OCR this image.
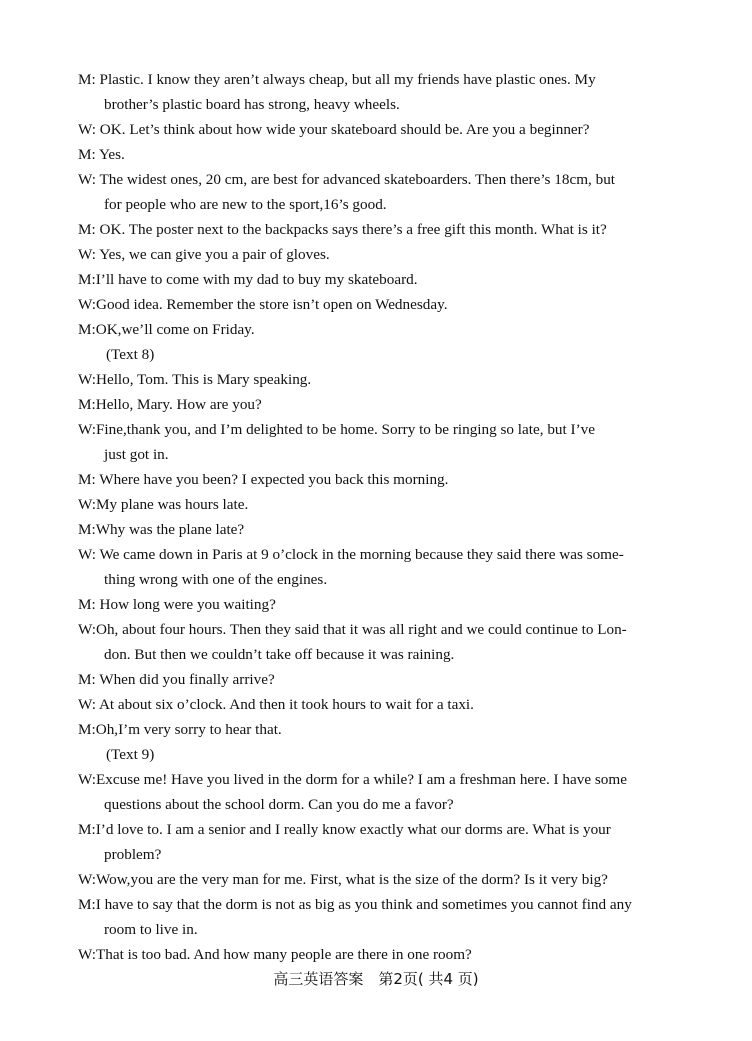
M: Plastic. I know they aren’t always cheap, but all my friends have plastic ones. My
brother’s plastic board has strong, heavy wheels.
W: OK. Let’s think about how wide your skateboard should be. Are you a beginner?
M: Yes.
W: The widest ones, 20 cm, are best for advanced skateboarders. Then there’s 18cm, but
for people who are new to the sport,16’s good.
M: OK. The poster next to the backpacks says there’s a free gift this month. What is it?
W: Yes, we can give you a pair of gloves.
M:I’ll have to come with my dad to buy my skateboard.
W:Good idea. Remember the store isn’t open on Wednesday.
M:OK,we’ll come on Friday.
(Text 8)
W:Hello, Tom. This is Mary speaking.
M:Hello, Mary. How are you?
W:Fine,thank you, and I’m delighted to be home. Sorry to be ringing so late, but I’ve
just got in.
M: Where have you been? I expected you back this morning.
W:My plane was hours late.
M:Why was the plane late?
W: We came down in Paris at 9 o’clock in the morning because they said there was some-
thing wrong with one of the engines.
M: How long were you waiting?
W:Oh, about four hours. Then they said that it was all right and we could continue to Lon-
don. But then we couldn’t take off because it was raining.
M: When did you finally arrive?
W: At about six o’clock. And then it took hours to wait for a taxi.
M:Oh,I’m very sorry to hear that.
(Text 9)
W:Excuse me! Have you lived in the dorm for a while? I am a freshman here. I have some
questions about the school dorm. Can you do me a favor?
M:I’d love to. I am a senior and I really know exactly what our dorms are. What is your
problem?
W:Wow,you are the very man for me. First, what is the size of the dorm? Is it very big?
M:I have to say that the dorm is not as big as you think and sometimes you cannot find any
room to live in.
W:That is too bad. And how many people are there in one room?
高三英语答案　第2页( 共4 页)
